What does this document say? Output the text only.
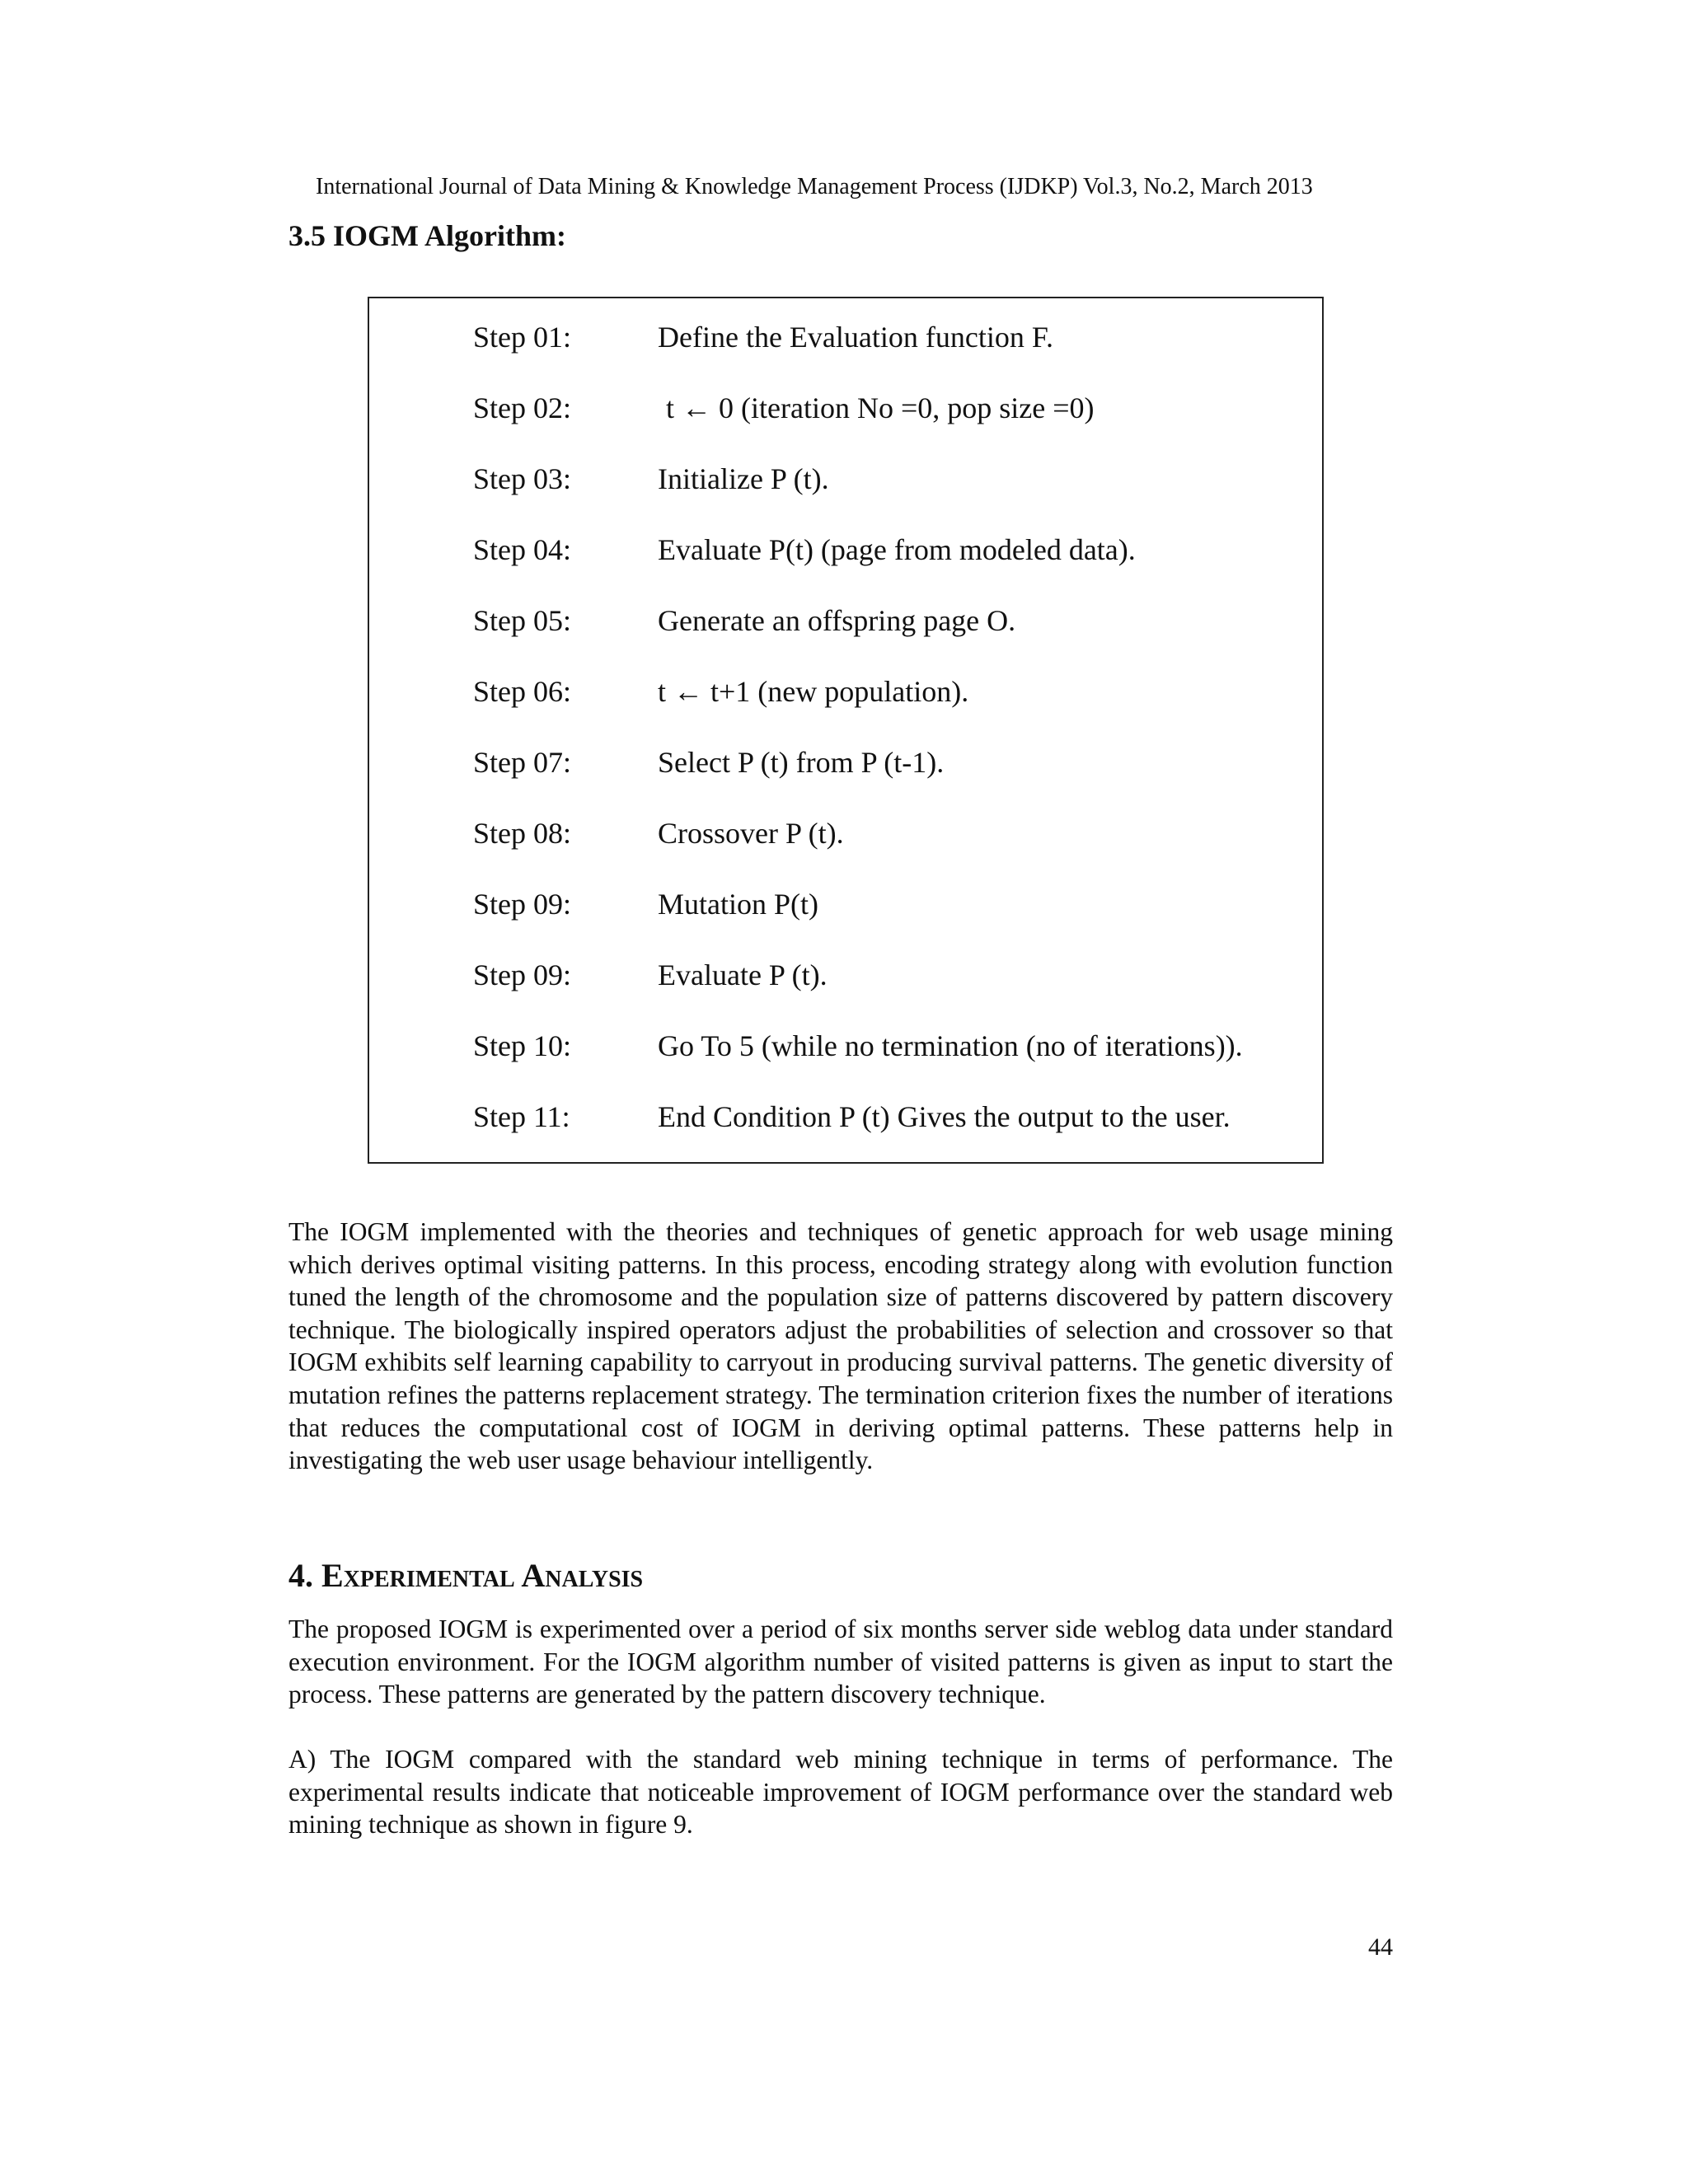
International Journal of Data Mining & Knowledge Management Process (IJDKP) Vol.3, No.2, March 2013
3.5 IOGM Algorithm:
Step 01:	Define the Evaluation function F.
Step 02:	t ← 0 (iteration No =0, pop size =0)
Step 03:	Initialize P (t).
Step 04:	Evaluate P(t) (page from modeled data).
Step 05:	Generate an offspring page O.
Step 06:	t ← t+1 (new population).
Step 07:	Select P (t) from P (t-1).
Step 08:	Crossover P (t).
Step 09:	Mutation P(t)
Step 09:	Evaluate P (t).
Step 10:	Go To 5 (while no termination (no of iterations)).
Step 11:	End Condition P (t) Gives the output to the user.

The IOGM implemented with the theories and techniques of genetic approach for web usage mining which derives optimal visiting patterns. In this process, encoding strategy along with evolution function tuned the length of the chromosome and the population size of patterns discovered by pattern discovery technique. The biologically inspired operators adjust the probabilities of selection and crossover so that IOGM exhibits self learning capability to carryout in producing survival patterns. The genetic diversity of mutation refines the patterns replacement strategy. The termination criterion fixes the number of iterations that reduces the computational cost of IOGM in deriving optimal patterns. These patterns help in investigating the web user usage behaviour intelligently.

4. Experimental Analysis

The proposed IOGM is experimented over a period of six months server side weblog data under standard execution environment. For the IOGM algorithm number of visited patterns is given as input to start the process. These patterns are generated by the pattern discovery technique.

A) The IOGM compared with the standard web mining technique in terms of performance. The experimental results indicate that noticeable improvement of IOGM performance over the standard web mining technique as shown in figure 9.

44
